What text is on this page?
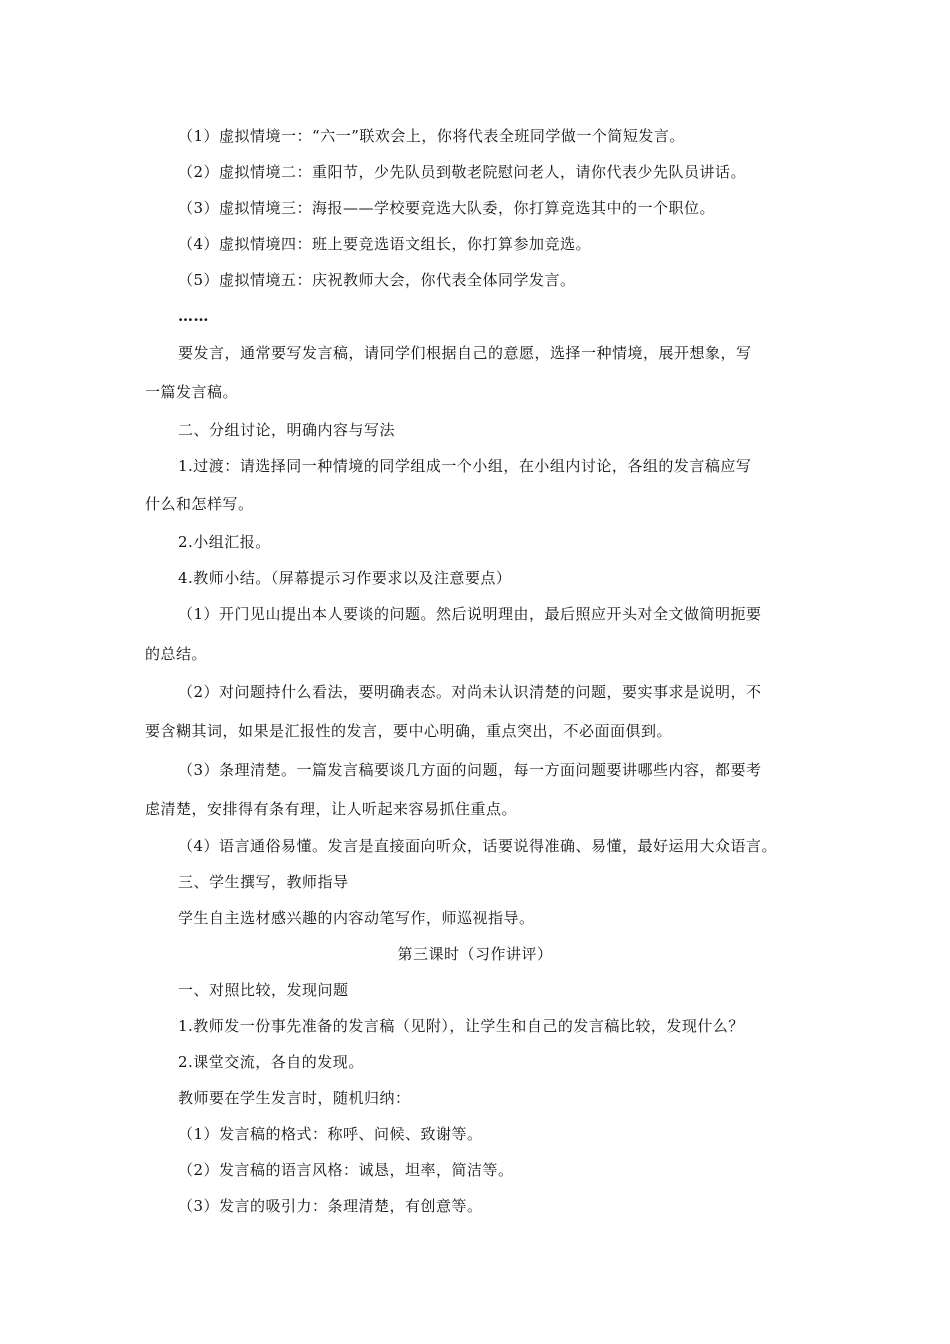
（1）虚拟情境一：“六一”联欢会上，你将代表全班同学做一个简短发言。
（2）虚拟情境二：重阳节，少先队员到敬老院慰问老人，请你代表少先队员讲话。
（3）虚拟情境三：海报——学校要竞选大队委，你打算竞选其中的一个职位。
（4）虚拟情境四：班上要竞选语文组长，你打算参加竞选。
（5）虚拟情境五：庆祝教师大会，你代表全体同学发言。
……
要发言，通常要写发言稿，请同学们根据自己的意愿，选择一种情境，展开想象，写
一篇发言稿。
二、分组讨论，明确内容与写法
1.过渡：请选择同一种情境的同学组成一个小组，在小组内讨论，各组的发言稿应写
什么和怎样写。
2.小组汇报。
4.教师小结。（屏幕提示习作要求以及注意要点）
（1）开门见山提出本人要谈的问题。然后说明理由，最后照应开头对全文做简明扼要
的总结。
（2）对问题持什么看法，要明确表态。对尚未认识清楚的问题，要实事求是说明，不
要含糊其词，如果是汇报性的发言，要中心明确，重点突出，不必面面俱到。
（3）条理清楚。一篇发言稿要谈几方面的问题，每一方面问题要讲哪些内容，都要考
虑清楚，安排得有条有理，让人听起来容易抓住重点。
（4）语言通俗易懂。发言是直接面向听众，话要说得准确、易懂，最好运用大众语言。
三、学生撰写，教师指导
学生自主选材感兴趣的内容动笔写作，师巡视指导。
第三课时（习作讲评）
一、对照比较，发现问题
1.教师发一份事先准备的发言稿（见附），让学生和自己的发言稿比较，发现什么？
2.课堂交流，各自的发现。
教师要在学生发言时，随机归纳：
（1）发言稿的格式：称呼、问候、致谢等。
（2）发言稿的语言风格：诚恳，坦率，简洁等。
（3）发言的吸引力：条理清楚，有创意等。
